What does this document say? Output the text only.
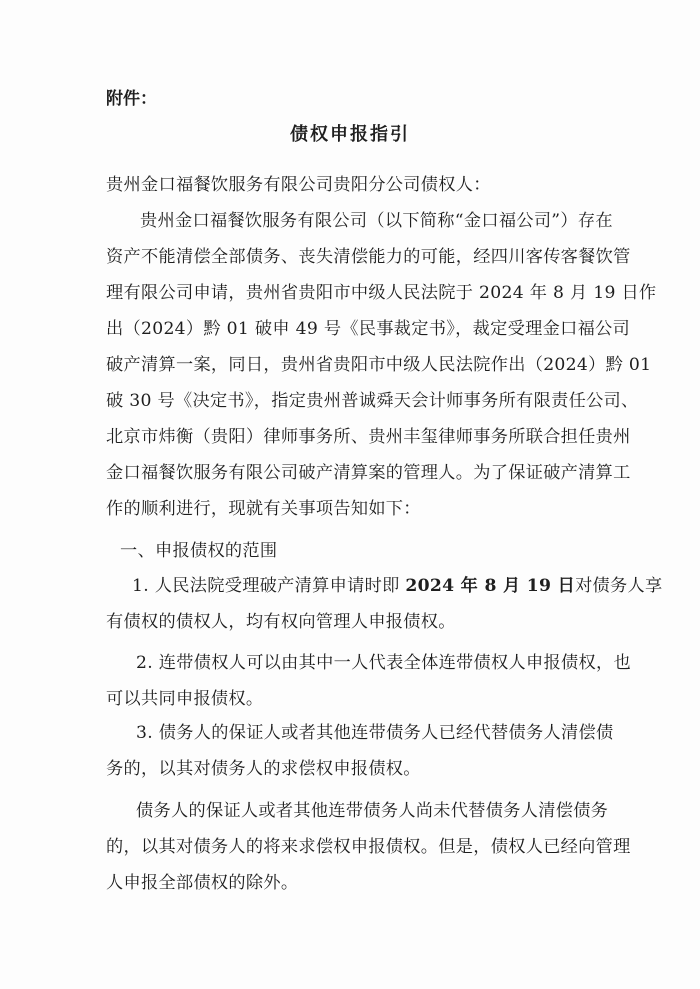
附件：
债权申报指引
贵州金口福餐饮服务有限公司贵阳分公司债权人：
贵州金口福餐饮服务有限公司（以下简称“金口福公司”）存在
资产不能清偿全部债务、丧失清偿能力的可能，经四川客传客餐饮管
理有限公司申请，贵州省贵阳市中级人民法院于 2024 年 8 月 19 日作
出（2024）黔 01 破申 49 号《民事裁定书》，裁定受理金口福公司
破产清算一案，同日，贵州省贵阳市中级人民法院作出（2024）黔 01
破 30 号《决定书》，指定贵州普诚舜天会计师事务所有限责任公司、
北京市炜衡（贵阳）律师事务所、贵州丰玺律师事务所联合担任贵州
金口福餐饮服务有限公司破产清算案的管理人。为了保证破产清算工
作的顺利进行，现就有关事项告知如下：
一、申报债权的范围
1. 人民法院受理破产清算申请时即 2024 年 8 月 19 日对债务人享
有债权的债权人，均有权向管理人申报债权。
2. 连带债权人可以由其中一人代表全体连带债权人申报债权，也
可以共同申报债权。
3. 债务人的保证人或者其他连带债务人已经代替债务人清偿债
务的，以其对债务人的求偿权申报债权。
债务人的保证人或者其他连带债务人尚未代替债务人清偿债务
的，以其对债务人的将来求偿权申报债权。但是，债权人已经向管理
人申报全部债权的除外。
